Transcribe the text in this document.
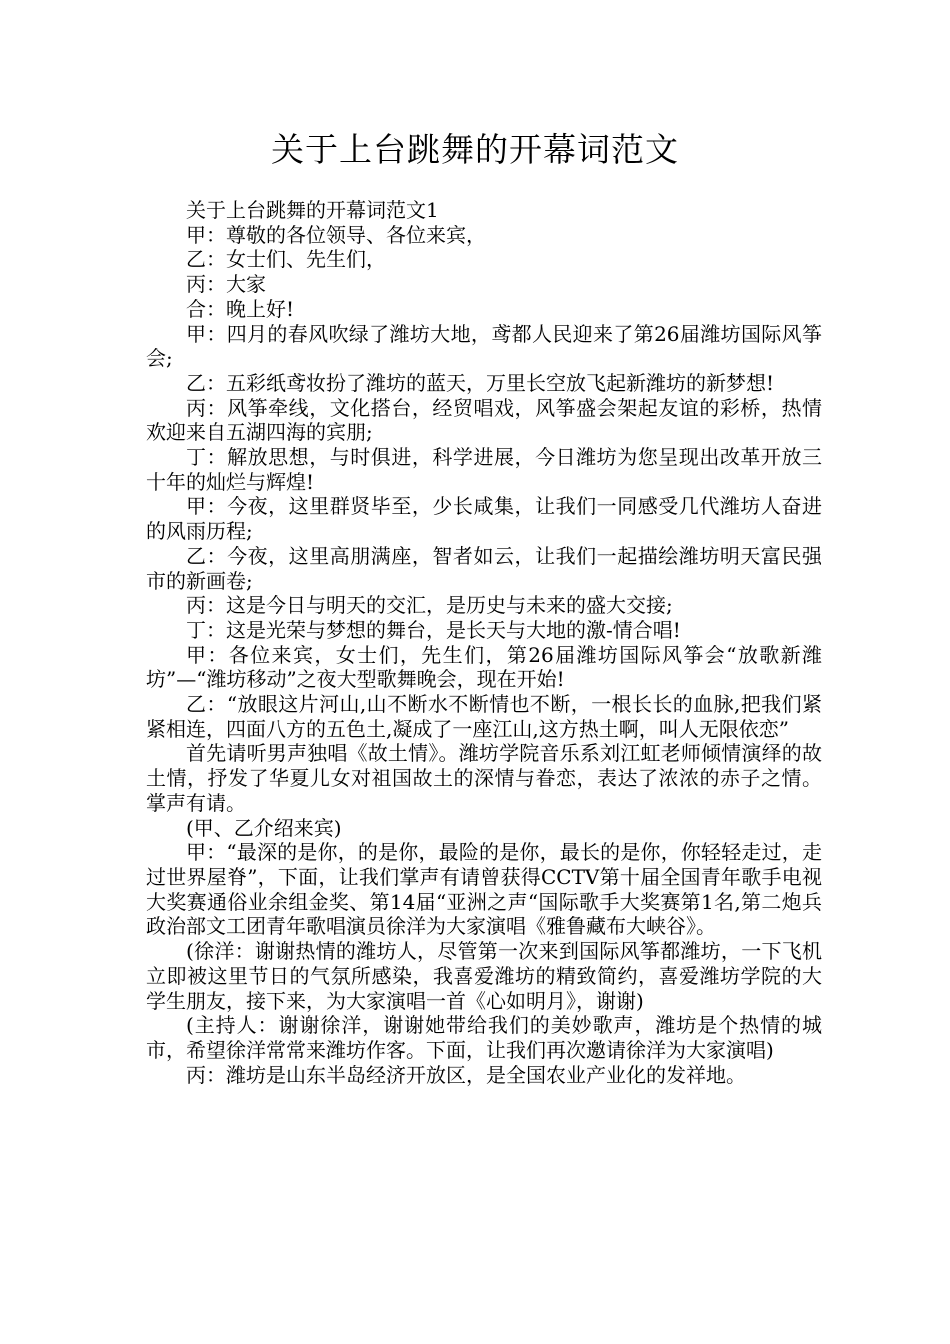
关于上台跳舞的开幕词范文

关于上台跳舞的开幕词范文1

甲：尊敬的各位领导、各位来宾，

乙：女士们、先生们，

丙：大家

合：晚上好!

甲：四月的春风吹绿了潍坊大地，鸢都人民迎来了第26届潍坊国际风筝会;

乙：五彩纸鸢妆扮了潍坊的蓝天，万里长空放飞起新潍坊的新梦想!

丙：风筝牵线，文化搭台，经贸唱戏，风筝盛会架起友谊的彩桥，热情欢迎来自五湖四海的宾朋;

丁：解放思想，与时俱进，科学进展，今日潍坊为您呈现出改革开放三十年的灿烂与辉煌!

甲：今夜，这里群贤毕至，少长咸集，让我们一同感受几代潍坊人奋进的风雨历程;

乙：今夜，这里高朋满座，智者如云，让我们一起描绘潍坊明天富民强市的新画卷;

丙：这是今日与明天的交汇，是历史与未来的盛大交接;

丁：这是光荣与梦想的舞台，是长天与大地的激-情合唱!

甲：各位来宾，女士们，先生们，第26届潍坊国际风筝会“放歌新潍坊”—“潍坊移动”之夜大型歌舞晚会，现在开始!

乙：“放眼这片河山,山不断水不断情也不断，一根长长的血脉,把我们紧紧相连，四面八方的五色土,凝成了一座江山,这方热土啊，叫人无限依恋”

首先请听男声独唱《故土情》。潍坊学院音乐系刘江虹老师倾情演绎的故土情，抒发了华夏儿女对祖国故土的深情与眷恋，表达了浓浓的赤子之情。掌声有请。

(甲、乙介绍来宾)

甲：“最深的是你，的是你，最险的是你，最长的是你，你轻轻走过，走过世界屋脊”，下面，让我们掌声有请曾获得CCTV第十届全国青年歌手电视大奖赛通俗业余组金奖、第14届“亚洲之声“国际歌手大奖赛第1名,第二炮兵政治部文工团青年歌唱演员徐洋为大家演唱《雅鲁藏布大峡谷》。

(徐洋：谢谢热情的潍坊人，尽管第一次来到国际风筝都潍坊，一下飞机立即被这里节日的气氛所感染，我喜爱潍坊的精致简约，喜爱潍坊学院的大学生朋友，接下来，为大家演唱一首《心如明月》，谢谢)

(主持人：谢谢徐洋，谢谢她带给我们的美妙歌声，潍坊是个热情的城市，希望徐洋常常来潍坊作客。下面，让我们再次邀请徐洋为大家演唱)

丙：潍坊是山东半岛经济开放区，是全国农业产业化的发祥地。
